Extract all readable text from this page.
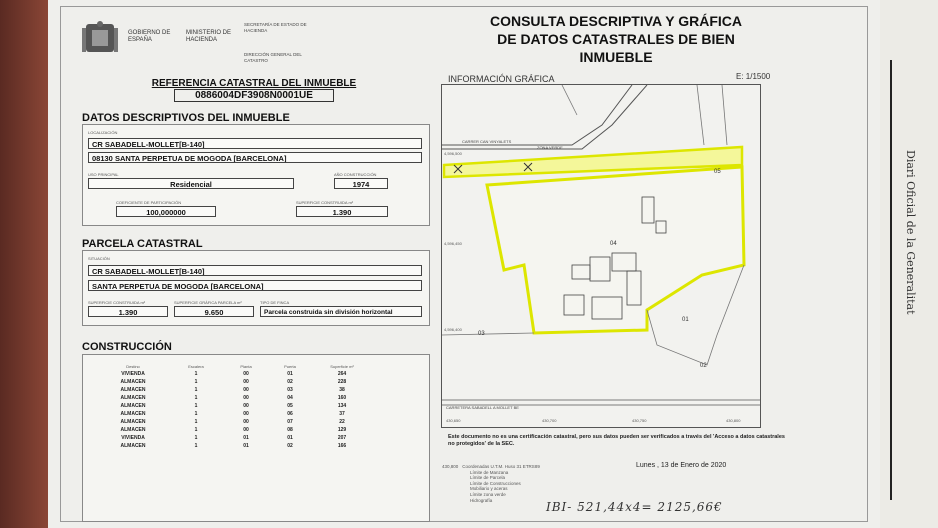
Diari Oficial de la Generalitat
GOBIERNO DE ESPAÑA
MINISTERIO DE HACIENDA
SECRETARÍA DE ESTADO DE HACIENDA
DIRECCIÓN GENERAL DEL CATASTRO
CONSULTA DESCRIPTIVA Y GRÁFICA
DE DATOS CATASTRALES DE BIEN INMUEBLE
REFERENCIA CATASTRAL DEL INMUEBLE
0886004DF3908N0001UE
DATOS DESCRIPTIVOS DEL INMUEBLE
LOCALIZACIÓN
CR SABADELL-MOLLET[B-140]
08130 SANTA PERPETUA DE MOGODA [BARCELONA]
USO PRINCIPAL
Residencial
AÑO CONSTRUCCIÓN
1974
COEFICIENTE DE PARTICIPACIÓN
100,000000
SUPERFICIE CONSTRUIDA m²
1.390
PARCELA CATASTRAL
SITUACIÓN
CR SABADELL-MOLLET[B-140]
SANTA PERPETUA DE MOGODA [BARCELONA]
SUPERFICIE CONSTRUIDA m²
1.390
SUPERFICIE GRÁFICA PARCELA m²
9.650
TIPO DE FINCA
Parcela construida sin división horizontal
CONSTRUCCIÓN
Destino	Escalera	Planta	Puerta	Superficie m²
VIVIENDA	1	00	01	264
ALMACEN	1	00	02	228
ALMACEN	1	00	03	38
ALMACEN	1	00	04	160
ALMACEN	1	00	05	134
ALMACEN	1	00	06	37
ALMACEN	1	00	07	22
ALMACEN	1	00	08	129
VIVIENDA	1	01	01	207
ALMACEN	1	01	02	166
INFORMACIÓN GRÁFICA	E: 1/1500
CARRER CAN VINYALETS
ZONA VERDE
05
04
01
02
03
4,596,500
4,596,450
4,596,400
CARRETERA SABADELL A MOLLET BE
430,650	430,700	430,750	430,800
Este documento no es una certificación catastral, pero sus datos pueden ser verificados a través del 'Acceso a datos catastrales no protegidos' de la SEC.
Lunes , 13 de Enero de 2020
430,800 Coordenadas U.T.M. Huso 31 ETRS89
Límite de Manzana
Límite de Parcela
Límite de Construcciones
Mobiliario y aceras
Límite zona verde
Hidrografía	IBI- 521,44x4= 2125,66€
